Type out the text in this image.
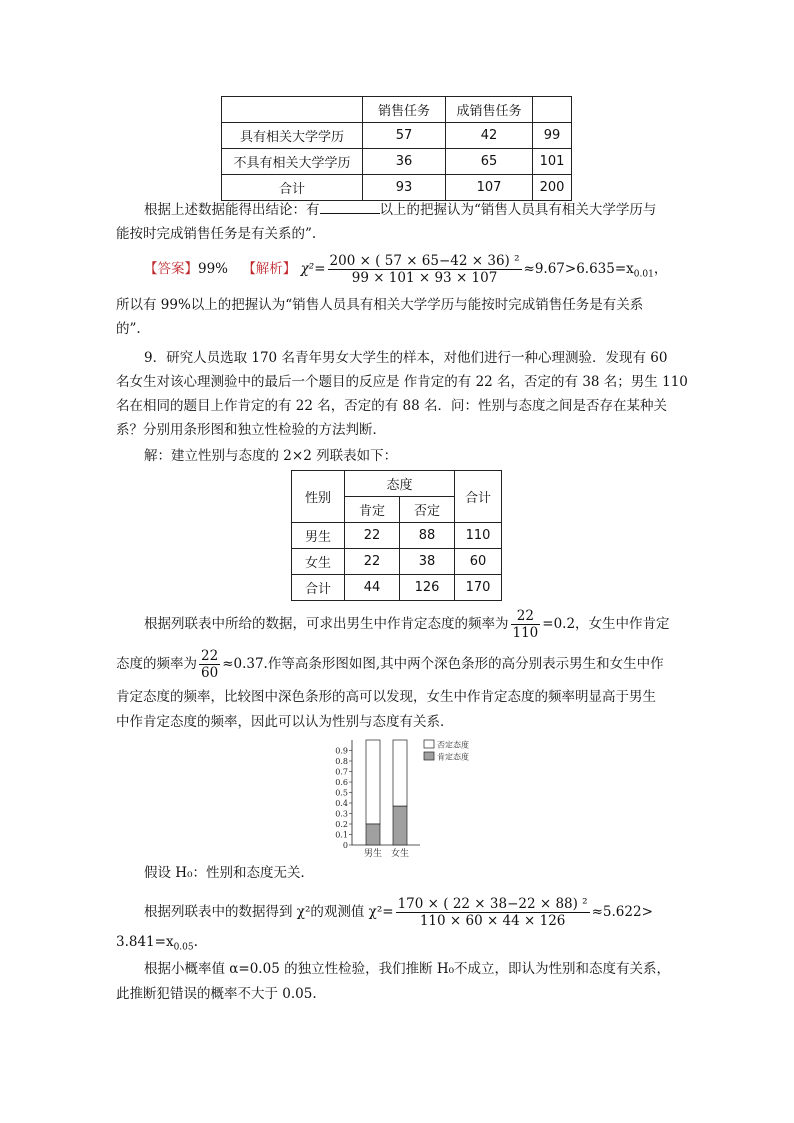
	销售任务	成销售任务	
具有相关大学学历	57	42	99
不具有相关大学学历	36	65	101
合计	93	107	200
根据上述数据能得出结论：有	以上的把握认为“销售人员具有相关大学学历与
能按时完成销售任务是有关系的”.
【答案】99% 【解析】 $\chi^2= \frac{\text{200 × ( 57 × 65−42 × 36) ²}}{99 \times 101 \times 93 \times 107} \approx 9.67>6.635=x_{0.01}$，
所以有 99%以上的把握认为“销售人员具有相关大学学历与能按时完成销售任务是有关系
的”.
9．研究人员选取 170 名青年男女大学生的样本，对他们进行一种心理测验．发现有 60
名女生对该心理测验中的最后一个题目的反应是 作肯定的有 22 名，否定的有 38 名；男生 110
名在相同的题目上作肯定的有 22 名，否定的有 88 名．问：性别与态度之间是否存在某种关
系？分别用条形图和独立性检验的方法判断．
解：建立性别与态度的 2×2 列联表如下：
性别	态度		合计
	肯定	否定	
男生	22	88	110
女生	22	38	60
合计	44	126	170
根据列联表中所给的数据，可求出男生中作肯定态度的频率为 $\frac{22}{110} =0.2$，女生中作肯定
态度的频率为 $\frac{22}{60} \approx 0.37$.作等高条形图如图,其中两个深色条形的高分别表示男生和女生中作
肯定态度的频率，比较图中深色条形的高可以发现，女生中作肯定态度的频率明显高于男生
中作肯定态度的频率，因此可以认为性别与态度有关系．
0
0.1
0.2
0.3
0.4
0.5
0.6
0.7
0.8
0.9
男生 女生
否定态度
肯定态度
假设 H₀：性别和态度无关．
根据列联表中的数据得到 χ²的观测值 $\chi^2= \frac{\text{170 × ( 22 × 38−22 × 88) ²}}{110 \times 60 \times 44 \times 126} \approx 5.622>$
$3.841=x_{0.05}$.
根据小概率值 α=0.05 的独立性检验，我们推断 H₀不成立，即认为性别和态度有关系，
此推断犯错误的概率不大于 0.05.
